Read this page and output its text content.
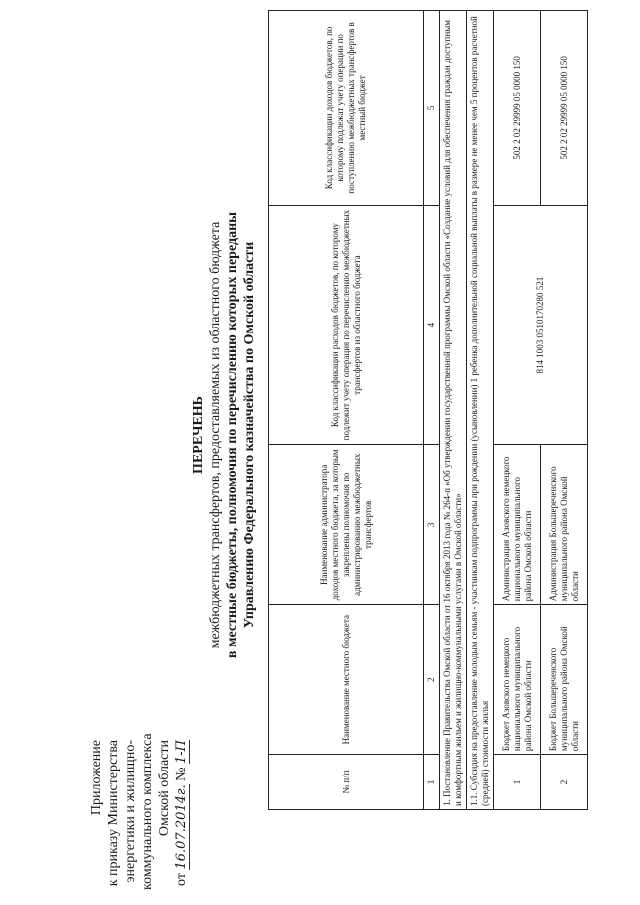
Приложение к приказу Министерства энергетики и жилищно- коммунального комплекса Омской области
от 16.07.2014г. № 1-П
ПЕРЕЧЕНЬ межбюджетных трансфертов, предоставляемых из областного бюджета в местные бюджеты, полномочия по перечислению которых переданы Управлению Федерального казначейства по Омской области
№ п/п	Наименование местного бюджета	Наименование администратора доходов местного бюджета, за которым закреплены полномочия по администрированию межбюджетных трансфертов	Код классификации расходов бюджетов, по которому подлежит учету операция по перечислению межбюджетных трансфертов из областного бюджета	Код классификации доходов бюджетов, по которому подлежат учету операции по поступлению межбюджетных трансфертов в местный бюджет
1	2	3	4	5
1. Постановление Правительства Омской области от 16 октября 2013 года № 264-п «Об утверждении государственной программы Омской области «Создание условий для обеспечения граждан доступным и комфортным жильем и жилищно-коммунальными услугами в Омской области»				
1.1. Субсидия на предоставление молодым семьям - участникам подпрограммы при рождении (усыновлении) 1 ребенка дополнительной социальной выплаты в размере не менее чем 5 процентов расчетной (средней) стоимости жилья				
1	Бюджет Азовского немецкого национального муниципального района Омской области	Администрация Азовского немецкого национального муниципального района Омской области	814 1003 0510170280 521	502 2 02 29999 05 0000 150
2	Бюджет Большереченского муниципального района Омской области	Администрация Большереченского муниципального района Омской области		502 2 02 29999 05 0000 150
